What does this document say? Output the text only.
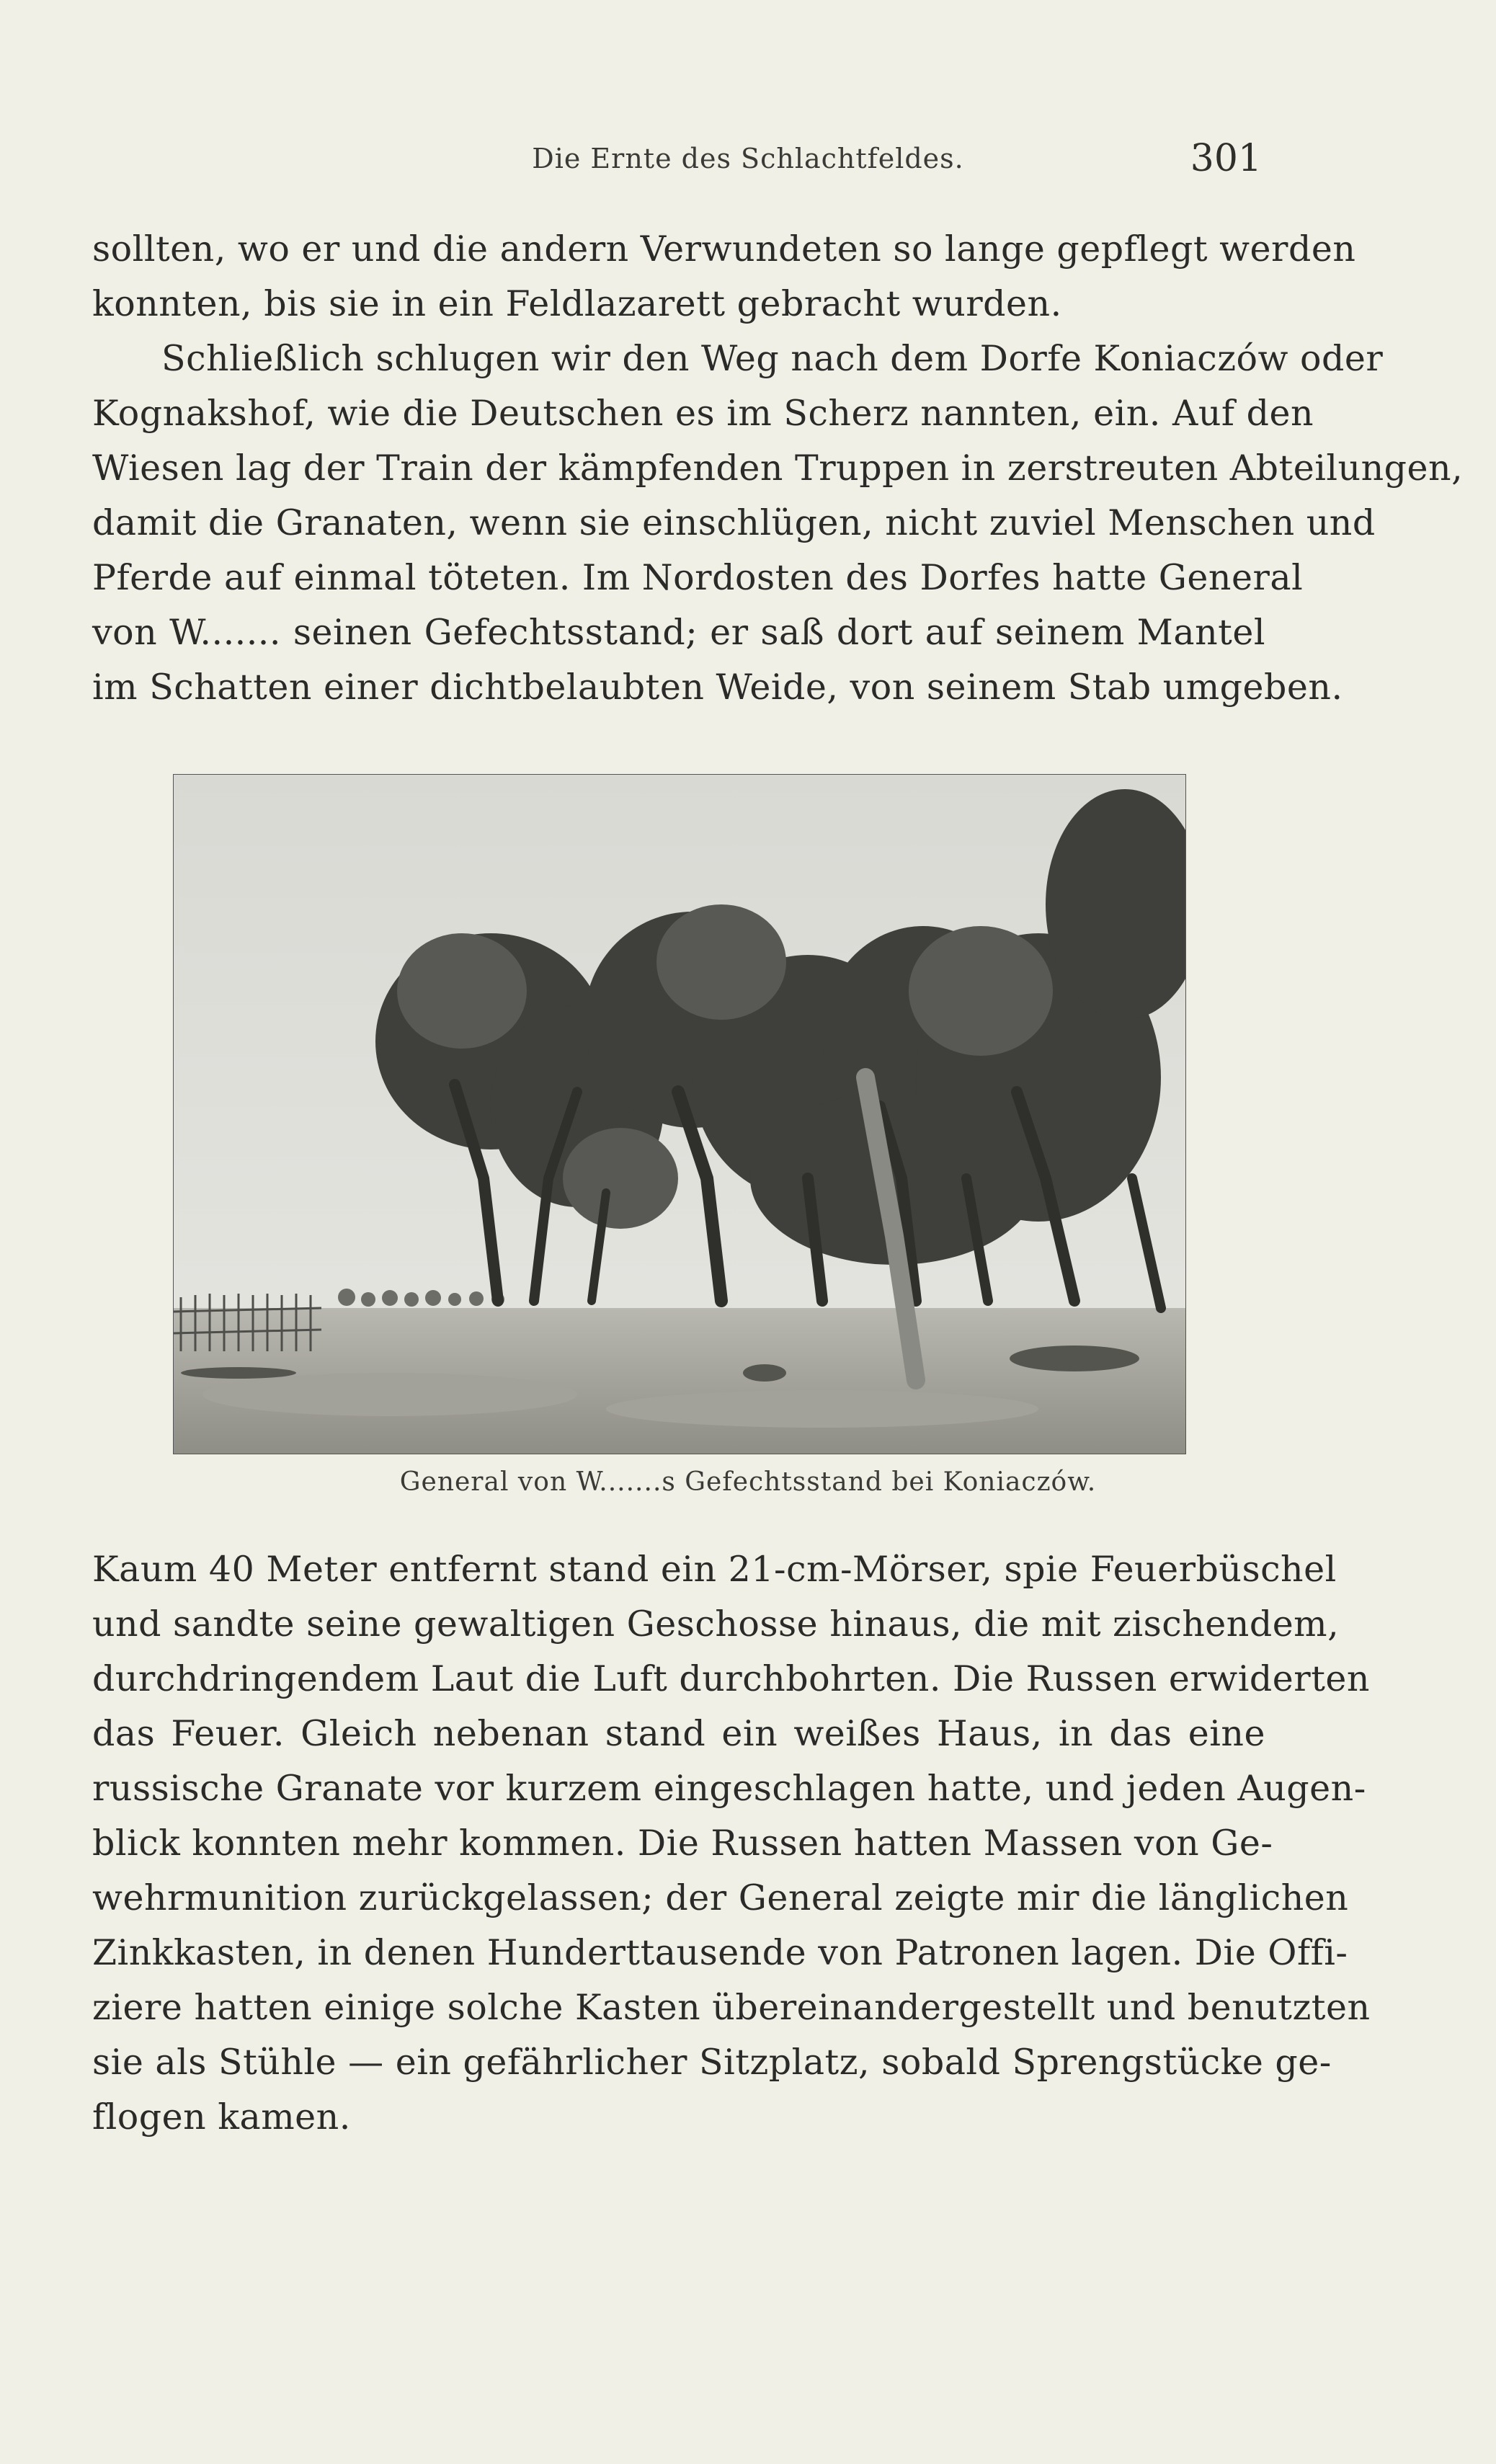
Die Ernte des Schlachtfeldes.	301
sollten, wo er und die andern Verwundeten so lange gepflegt werden
konnten, bis sie in ein Feldlazarett gebracht wurden.
Schließlich schlugen wir den Weg nach dem Dorfe Koniaczów oder
Kognakshof, wie die Deutschen es im Scherz nannten, ein. Auf den
Wiesen lag der Train der kämpfenden Truppen in zerstreuten Abteilungen,
damit die Granaten, wenn sie einschlügen, nicht zuviel Menschen und
Pferde auf einmal töteten. Im Nordosten des Dorfes hatte General
von W....... seinen Gefechtsstand; er saß dort auf seinem Mantel
im Schatten einer dichtbelaubten Weide, von seinem Stab umgeben.
General von W.......s Gefechtsstand bei Koniaczów.
Kaum 40 Meter entfernt stand ein 21-cm-Mörser, spie Feuerbüschel
und sandte seine gewaltigen Geschosse hinaus, die mit zischendem,
durchdringendem Laut die Luft durchbohrten. Die Russen erwiderten
das Feuer. Gleich nebenan stand ein weißes Haus, in das eine
russische Granate vor kurzem eingeschlagen hatte, und jeden Augen-
blick konnten mehr kommen. Die Russen hatten Massen von Ge-
wehrmunition zurückgelassen; der General zeigte mir die länglichen
Zinkkasten, in denen Hunderttausende von Patronen lagen. Die Offi-
ziere hatten einige solche Kasten übereinandergestellt und benutzten
sie als Stühle — ein gefährlicher Sitzplatz, sobald Sprengstücke ge-
flogen kamen.
